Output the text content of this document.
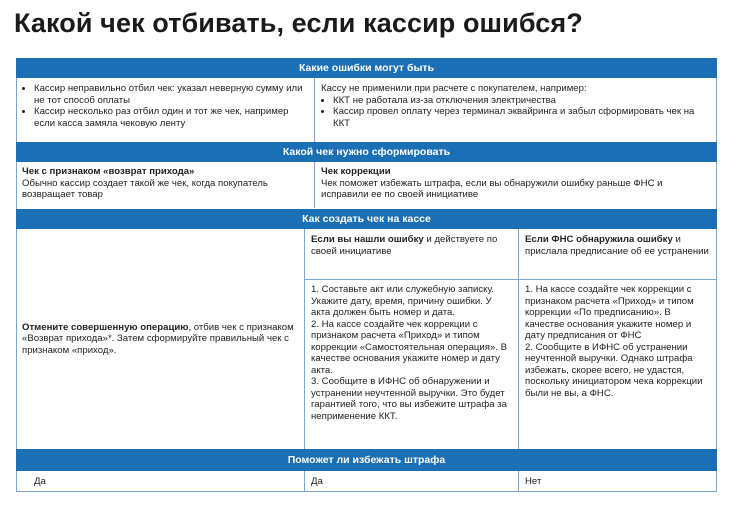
Какой чек отбивать, если кассир ошибся?
Какие ошибки могут быть
• Кассир неправильно отбил чек: указал неверную сумму или не тот способ оплаты
• Кассир несколько раз отбил один и тот же чек, например если касса замяла чековую ленту

Кассу не применили при расчете с покупателем, например:

• ККТ не работала из-за отключения электричества
• Кассир провел оплату через терминал эквайринга и забыл сформировать чек на ККТ
Какой чек нужно сформировать

Чек с признаком «возврат прихода»

Обычно кассир создает такой же чек, когда покупатель возвращает товар

Чек коррекции

Чек поможет избежать штрафа, если вы обнаружили ошибку раньше ФНС и исправили ее по своей инициативе

Как создать чек на кассе

Отмените совершенную операцию, отбив чек с признаком «Возврат прихода»*. Затем сформируйте правильный чек с признаком «приход».

Если вы нашли ошибку и действуете по своей инициативе

Если ФНС обнаружила ошибку и прислала предписание об ее устранении

1. Составьте акт или служебную записку. Укажите дату, время, причину ошибки. У акта должен быть номер и дата.

2. На кассе создайте чек коррекции с признаком расчета «Приход» и типом коррекции «Самостоятельная операция». В качестве основания укажите номер и дату акта.

3. Сообщите в ИФНС об обнаружении и устранении неучтенной выручки. Это будет гарантией того, что вы избежите штрафа за неприменение ККТ.

1. На кассе создайте чек коррекции с признаком расчета «Приход» и типом коррекции «По предписанию». В качестве основания укажите номер и дату предписания от ФНС

2. Сообщите в ИФНС об устранении неучтенной выручки. Однако штрафа избежать, скорее всего, не удастся, поскольку инициатором чека коррекции были не вы, а ФНС.

Поможет ли избежать штрафа
Да	Да	Нет
